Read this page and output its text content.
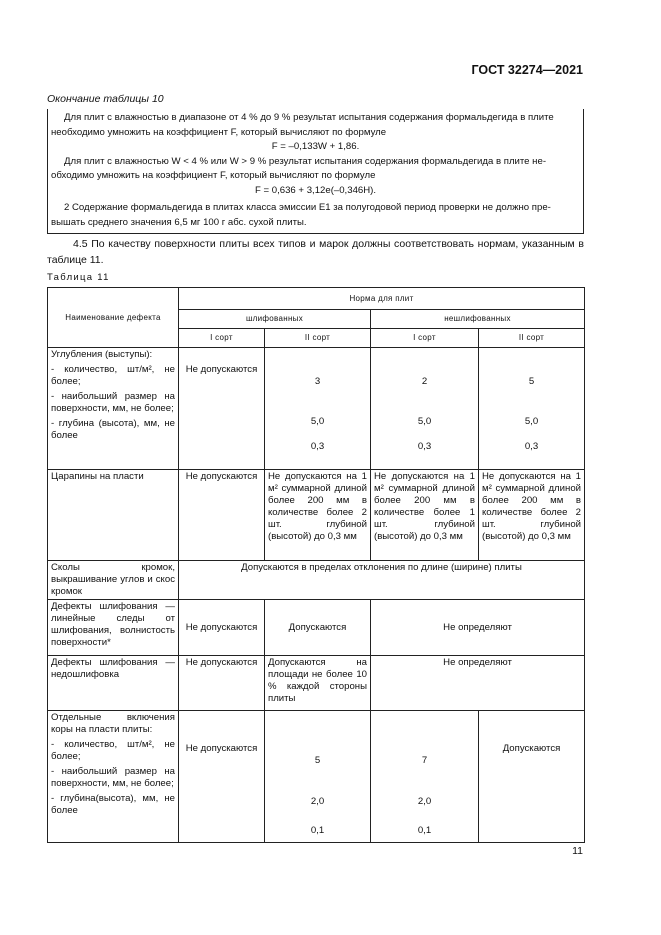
ГОСТ 32274—2021
Окончание таблицы 10

Для плит с влажностью в диапазоне от 4 % до 9 % результат испытания содержания формальдегида в плите

необходимо умножить на коэффициент F, который вычисляют по формуле

F = –0,133W + 1,86.

Для плит с влажностью W < 4 % или W > 9 % результат испытания содержания формальдегида в плите не-

обходимо умножить на коэффициент F, который вычисляют по формуле

F = 0,636 + 3,12e(–0,346H).

2 Содержание формальдегида в плитах класса эмиссии Е1 за полугодовой период проверки не должно пре-

вышать среднего значения 6,5 мг 100 г абс. сухой плиты.

4.5 По качеству поверхности плиты всех типов и марок должны соответствовать нормам, указанным в таблице 11.

Таблица 11
Наименование дефекта	Норма для плит			
	шлифованных		нешлифованных	
	I сорт	II сорт	I сорт	II сорт

Углубления (выступы):
- количество, шт/м², не более;
- наибольший размер на поверхности, мм, не более;
- глубина (высота), мм, не более	Не допускаются	3
5,0
0,3	2
5,0
0,3	5
5,0
0,3

Царапины на пласти	Не допускаются	Не допускаются на 1 м² суммарной длиной более 200 мм в количестве более 2 шт. глубиной (высотой) до 0,3 мм	Не допускаются на 1 м² суммарной длиной более 200 мм в количестве более 1 шт. глубиной (высотой) до 0,3 мм	Не допускаются на 1 м² суммарной длиной более 200 мм в количестве более 2 шт. глубиной (высотой) до 0,3 мм
Сколы кромок, выкрашивание углов и скос кромок	Допускаются в пределах отклонения по длине (ширине) плиты			
Дефекты шлифования — линейные следы от шлифования, волнистость поверхности*	Не допускаются	Допускаются	Не определяют	
Дефекты шлифования — недошлифовка	Не допускаются	Допускаются на площади не более 10 % каждой стороны плиты	Не определяют	

Отдельные включения коры на пласти плиты:
- количество, шт/м², не более;
- наибольший размер на поверхности, мм, не более;
- глубина(высота), мм, не более	Не допускаются	5
2,0
0,1	7
2,0
0,1	Допускаются
11
